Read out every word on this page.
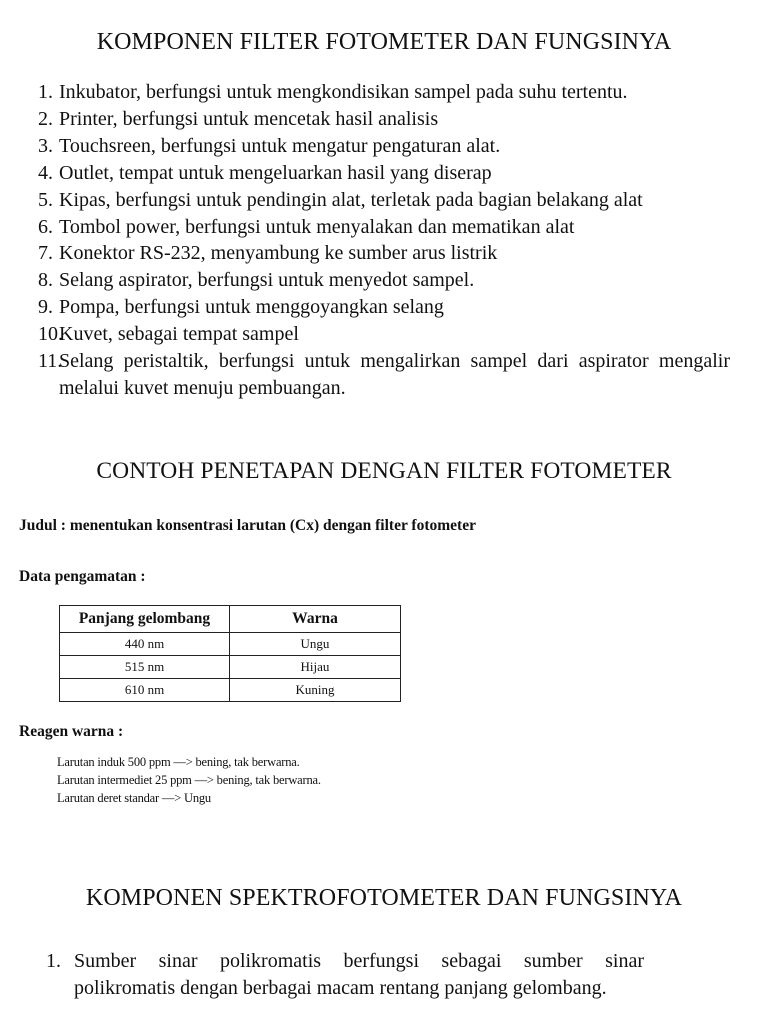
KOMPONEN FILTER FOTOMETER DAN FUNGSINYA
1. Inkubator, berfungsi untuk mengkondisikan sampel pada suhu tertentu.
2. Printer, berfungsi untuk mencetak hasil analisis
3. Touchsreen, berfungsi untuk mengatur pengaturan alat.
4. Outlet, tempat untuk mengeluarkan hasil yang diserap
5. Kipas, berfungsi untuk pendingin alat, terletak pada bagian belakang alat
6. Tombol power, berfungsi untuk menyalakan dan mematikan alat
7. Konektor RS-232, menyambung ke sumber arus listrik
8. Selang aspirator, berfungsi untuk menyedot sampel.
9. Pompa, berfungsi untuk menggoyangkan selang
10.
Kuvet, sebagai tempat sampel
11.
Selang peristaltik, berfungsi untuk mengalirkan sampel dari aspirator mengalir melalui kuvet menuju pembuangan.
CONTOH PENETAPAN DENGAN FILTER FOTOMETER
Judul : menentukan konsentrasi larutan (Cx) dengan filter fotometer
Data pengamatan :
Panjang gelombang	Warna
440 nm	Ungu
515 nm	Hijau
610 nm	Kuning
Reagen warna :
Larutan induk 500 ppm —> bening, tak berwarna.
Larutan intermediet 25 ppm —> bening, tak berwarna.
Larutan deret standar —> Ungu
KOMPONEN SPEKTROFOTOMETER DAN FUNGSINYA
1. Sumber sinar polikromatis berfungsi sebagai sumber sinar polikromatis dengan berbagai macam rentang panjang gelombang.
